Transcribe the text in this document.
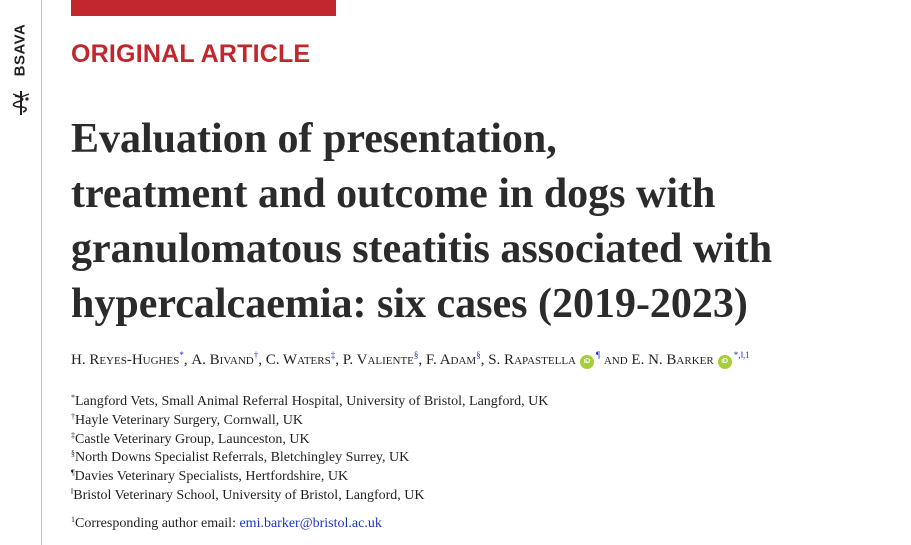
BSAVA ORIGINAL ARTICLE
Evaluation of presentation,
treatment and outcome in dogs with
granulomatous steatitis associated with
hypercalcaemia: six cases (2019-2023)
H. Reyes-Hughes*, A. Bivand†, C. Waters‡, P. Valiente§, F. Adam§, S. Rapastella iD¶ and E. N. Barker $iD^{*,‖,1}$
*Langford Vets, Small Animal Referral Hospital, University of Bristol, Langford, UK
†Hayle Veterinary Surgery, Cornwall, UK
‡Castle Veterinary Group, Launceston, UK
§North Downs Specialist Referrals, Bletchingley Surrey, UK
¶Davies Veterinary Specialists, Hertfordshire, UK
‖Bristol Veterinary School, University of Bristol, Langford, UK
$^1$Corresponding author email: emi.barker@bristol.ac.uk
